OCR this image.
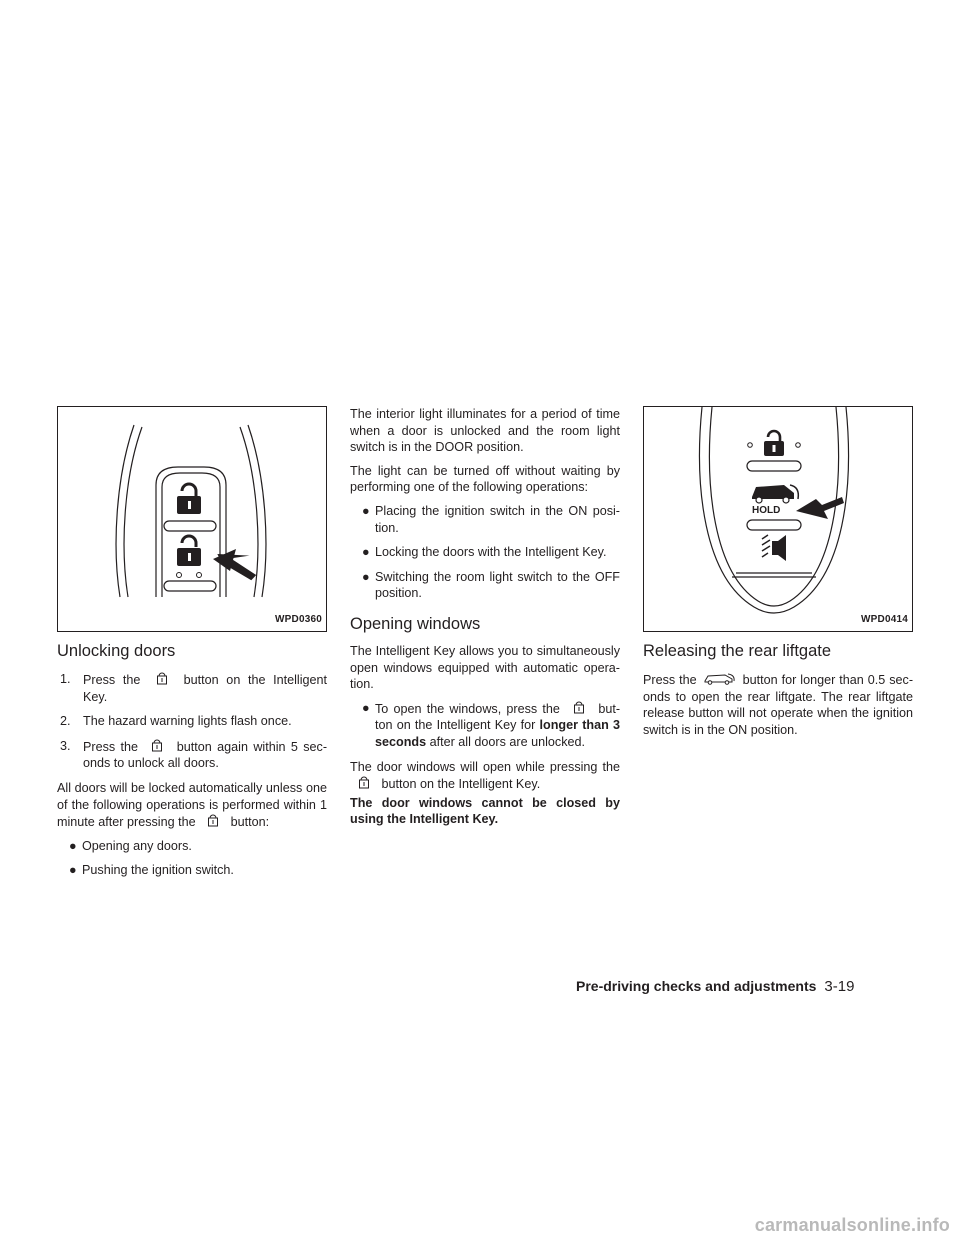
WPD0360
Unlocking doors
1. Press the	button on the Intelligent Key.
2. The hazard warning lights flash once.
3. Press the	button again within 5 sec- onds to unlock all doors.

All doors will be locked automatically unless one of the following operations is performed within 1 minute after pressing the	button:

● Opening any doors.
● Pushing the ignition switch.

The interior light illuminates for a period of time when a door is unlocked and the room light switch is in the DOOR position.

The light can be turned off without waiting by performing one of the following operations:

● Placing the ignition switch in the ON posi- tion.
● Locking the doors with the Intelligent Key.
● Switching the room light switch to the OFF position.
Opening windows

The Intelligent Key allows you to simultaneously open windows equipped with automatic opera- tion.

● To open the windows, press the	but- ton on the Intelligent Key for longer than 3 seconds after all doors are unlocked.

The door windows will open while pressing the
button on the Intelligent Key.

The door windows cannot be closed by using the Intelligent Key.

HOLD
WPD0414
Releasing the rear liftgate

Press the	button for longer than 0.5 sec- onds to open the rear liftgate. The rear liftgate release button will not operate when the ignition switch is in the ON position.

Pre-driving checks and adjustments 3-19
carmanualsonline.info
